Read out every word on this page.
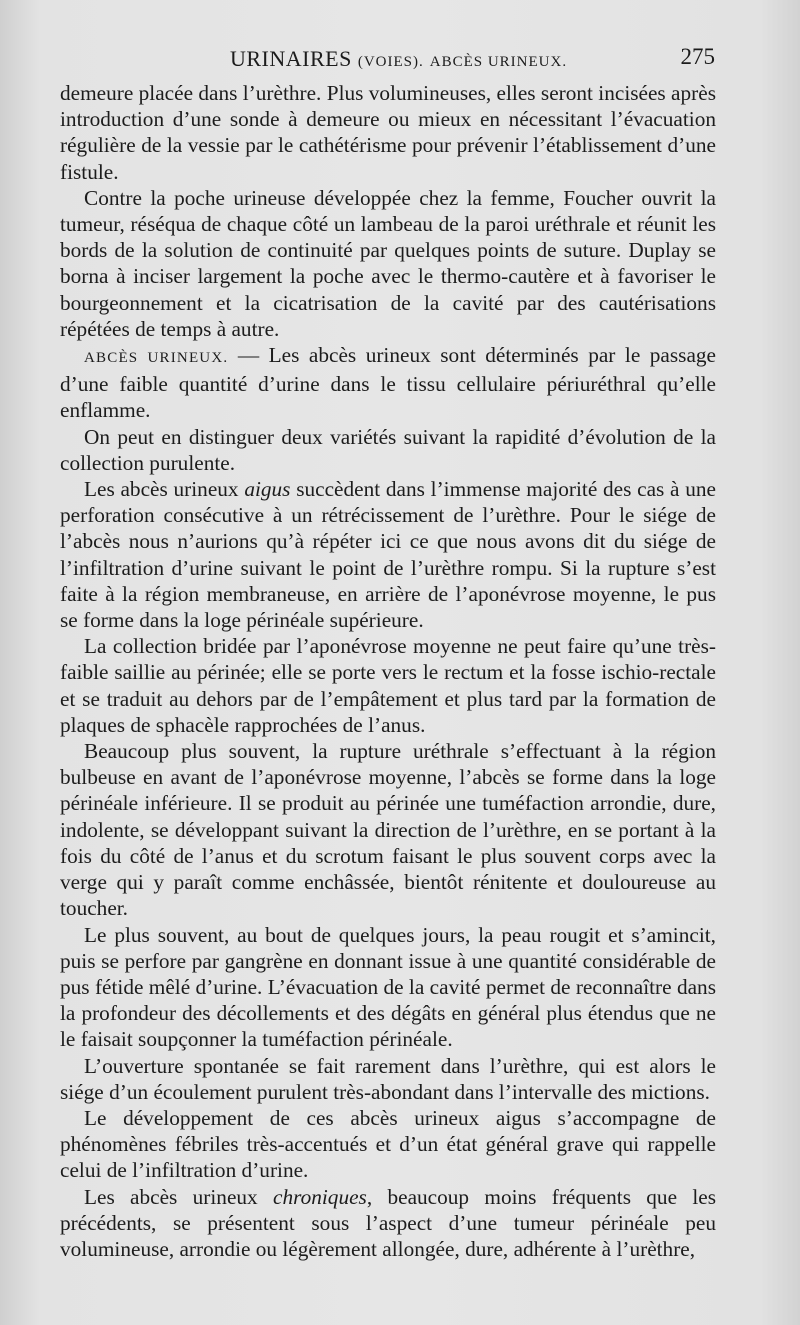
URINAIRES (VOIES). ABCÈS URINEUX.	275

demeure placée dans l’urèthre. Plus volumineuses, elles seront incisées après introduction d’une sonde à demeure ou mieux en nécessitant l’évacuation régulière de la vessie par le cathétérisme pour prévenir l’établissement d’une fistule.

Contre la poche urineuse développée chez la femme, Foucher ouvrit la tumeur, réséqua de chaque côté un lambeau de la paroi uréthrale et réunit les bords de la solution de continuité par quelques points de suture. Duplay se borna à inciser largement la poche avec le thermo-cautère et à favoriser le bourgeonnement et la cicatrisation de la cavité par des cautérisations répétées de temps à autre.

ABCÈS URINEUX. — Les abcès urineux sont déterminés par le passage d’une faible quantité d’urine dans le tissu cellulaire périuréthral qu’elle enflamme.

On peut en distinguer deux variétés suivant la rapidité d’évolution de la collection purulente.

Les abcès urineux aigus succèdent dans l’immense majorité des cas à une perforation consécutive à un rétrécissement de l’urèthre. Pour le siége de l’abcès nous n’aurions qu’à répéter ici ce que nous avons dit du siége de l’infiltration d’urine suivant le point de l’urèthre rompu. Si la rupture s’est faite à la région membraneuse, en arrière de l’aponévrose moyenne, le pus se forme dans la loge périnéale supérieure.

La collection bridée par l’aponévrose moyenne ne peut faire qu’une très-faible saillie au périnée; elle se porte vers le rectum et la fosse ischio-rectale et se traduit au dehors par de l’empâtement et plus tard par la formation de plaques de sphacèle rapprochées de l’anus.

Beaucoup plus souvent, la rupture uréthrale s’effectuant à la région bulbeuse en avant de l’aponévrose moyenne, l’abcès se forme dans la loge périnéale inférieure. Il se produit au périnée une tuméfaction arrondie, dure, indolente, se développant suivant la direction de l’urèthre, en se portant à la fois du côté de l’anus et du scrotum faisant le plus souvent corps avec la verge qui y paraît comme enchâssée, bientôt rénitente et douloureuse au toucher.

Le plus souvent, au bout de quelques jours, la peau rougit et s’amincit, puis se perfore par gangrène en donnant issue à une quantité considérable de pus fétide mêlé d’urine. L’évacuation de la cavité permet de reconnaître dans la profondeur des décollements et des dégâts en général plus étendus que ne le faisait soupçonner la tuméfaction périnéale.

L’ouverture spontanée se fait rarement dans l’urèthre, qui est alors le siége d’un écoulement purulent très-abondant dans l’intervalle des mictions.

Le développement de ces abcès urineux aigus s’accompagne de phénomènes fébriles très-accentués et d’un état général grave qui rappelle celui de l’infiltration d’urine.

Les abcès urineux chroniques, beaucoup moins fréquents que les précédents, se présentent sous l’aspect d’une tumeur périnéale peu volumineuse, arrondie ou légèrement allongée, dure, adhérente à l’urèthre,
